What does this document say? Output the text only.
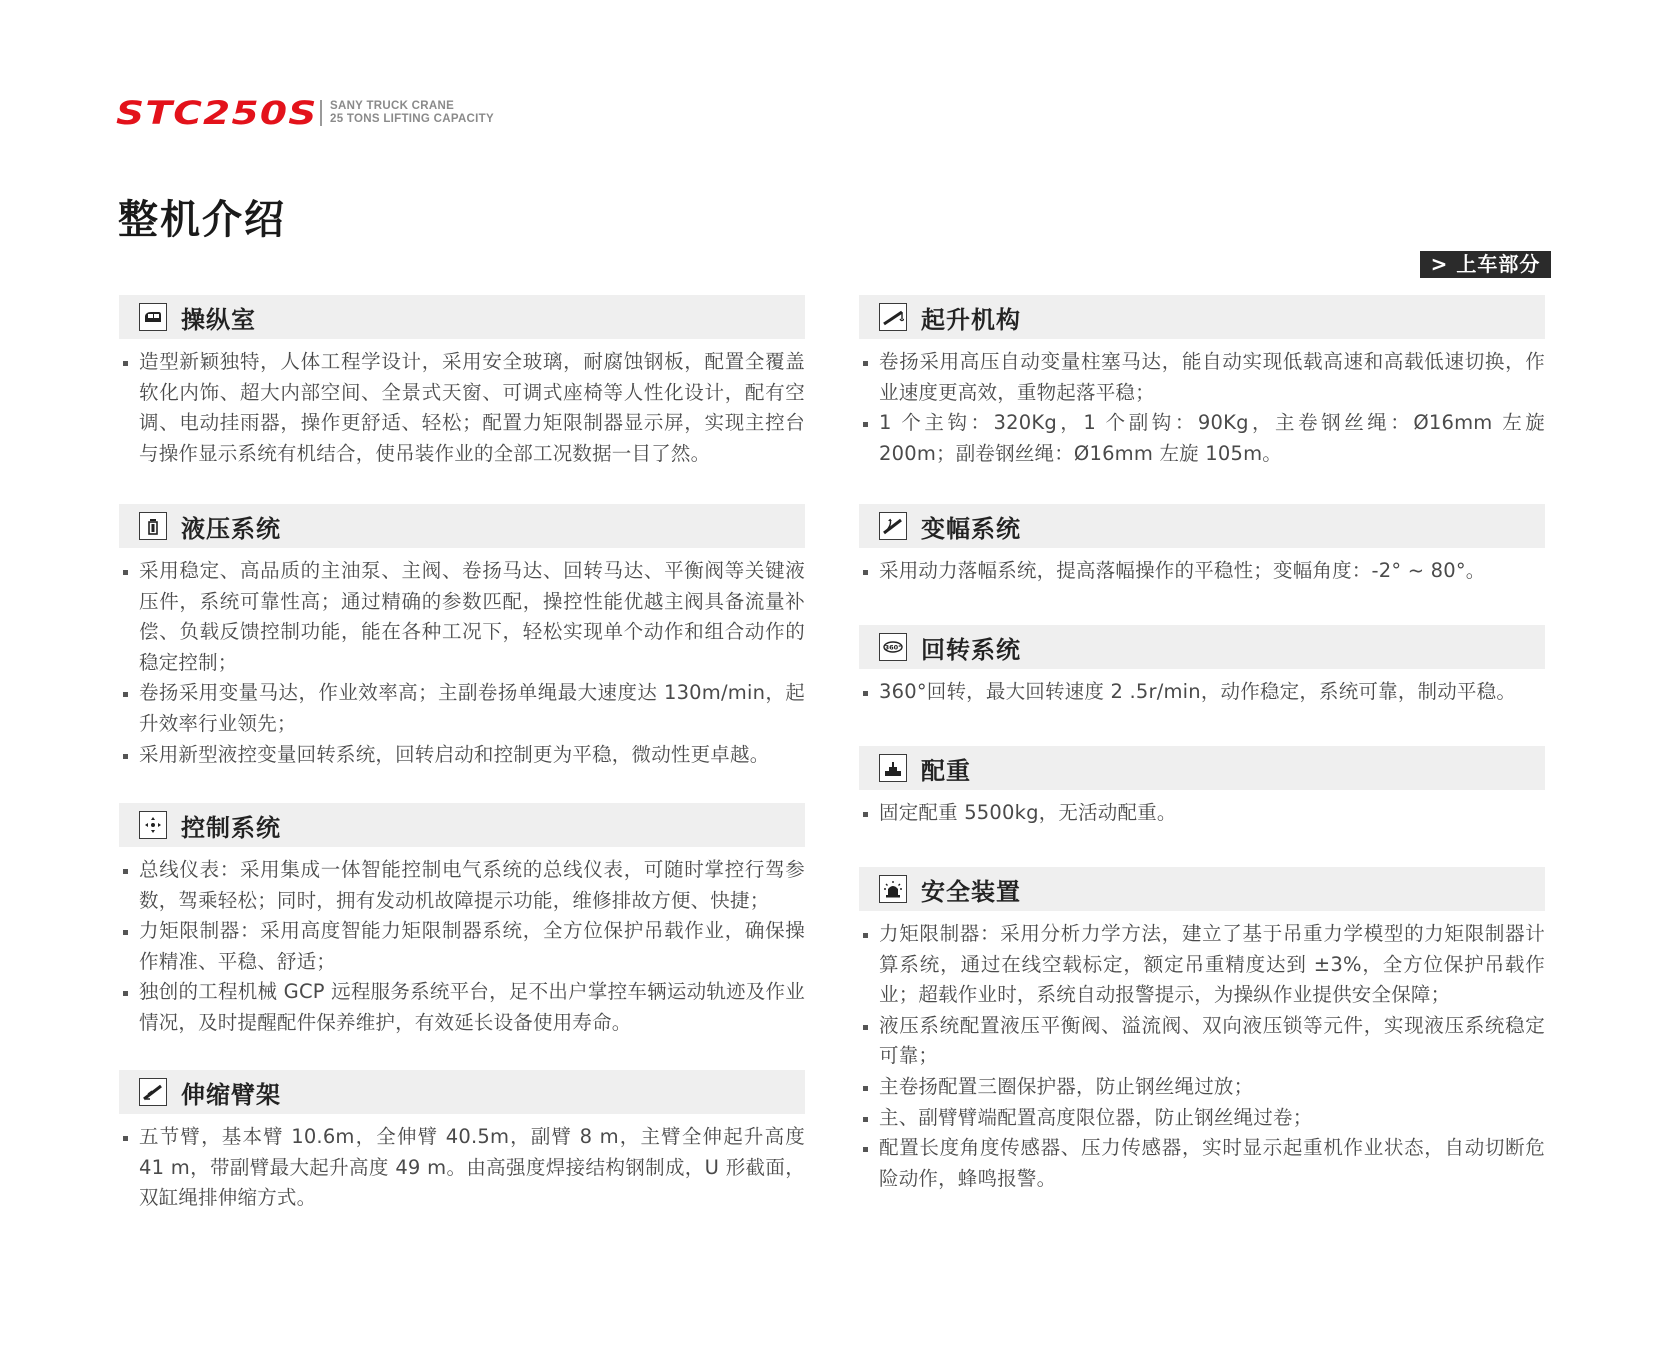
STC250S	SANY TRUCK CRANE
25 TONS LIFTING CAPACITY
整机介绍
> 上车部分
操纵室
造型新颖独特，人体工程学设计，采用安全玻璃，耐腐蚀钢板，配置全覆盖软化内饰、超大内部空间、全景式天窗、可调式座椅等人性化设计，配有空调、电动挂雨器，操作更舒适、轻松；配置力矩限制器显示屏，实现主控台与操作显示系统有机结合，使吊装作业的全部工况数据一目了然。
液压系统
采用稳定、高品质的主油泵、主阀、卷扬马达、回转马达、平衡阀等关键液压件，系统可靠性高；通过精确的参数匹配，操控性能优越主阀具备流量补偿、负载反馈控制功能，能在各种工况下，轻松实现单个动作和组合动作的稳定控制；
卷扬采用变量马达，作业效率高；主副卷扬单绳最大速度达 130m/min，起升效率行业领先；
采用新型液控变量回转系统，回转启动和控制更为平稳，微动性更卓越。
控制系统
总线仪表：采用集成一体智能控制电气系统的总线仪表，可随时掌控行驾参数，驾乘轻松；同时，拥有发动机故障提示功能，维修排故方便、快捷；
力矩限制器：采用高度智能力矩限制器系统，全方位保护吊载作业，确保操作精准、平稳、舒适；
独创的工程机械 GCP 远程服务系统平台，足不出户掌控车辆运动轨迹及作业情况，及时提醒配件保养维护，有效延长设备使用寿命。
伸缩臂架
五节臂，基本臂 10.6m，全伸臂 40.5m，副臂 8 m，主臂全伸起升高度 41 m，带副臂最大起升高度 49 m。由高强度焊接结构钢制成，U 形截面，双缸绳排伸缩方式。
起升机构
卷扬采用高压自动变量柱塞马达，能自动实现低载高速和高载低速切换，作业速度更高效，重物起落平稳；
1 个主钩：320Kg，1 个副钩：90Kg，主卷钢丝绳：Ø16mm 左旋 200m；副卷钢丝绳：Ø16mm 左旋 105m。
变幅系统
采用动力落幅系统，提高落幅操作的平稳性；变幅角度：-2° ~ 80°。
360° 回转系统
360°回转，最大回转速度 2 .5r/min，动作稳定，系统可靠，制动平稳。
配重
固定配重 5500kg，无活动配重。
安全装置
力矩限制器：采用分析力学方法，建立了基于吊重力学模型的力矩限制器计算系统，通过在线空载标定，额定吊重精度达到 ±3%，全方位保护吊载作业；超载作业时，系统自动报警提示，为操纵作业提供安全保障；
液压系统配置液压平衡阀、溢流阀、双向液压锁等元件，实现液压系统稳定可靠；
主卷扬配置三圈保护器，防止钢丝绳过放；
主、副臂臂端配置高度限位器，防止钢丝绳过卷；
配置长度角度传感器、压力传感器，实时显示起重机作业状态，自动切断危险动作，蜂鸣报警。
